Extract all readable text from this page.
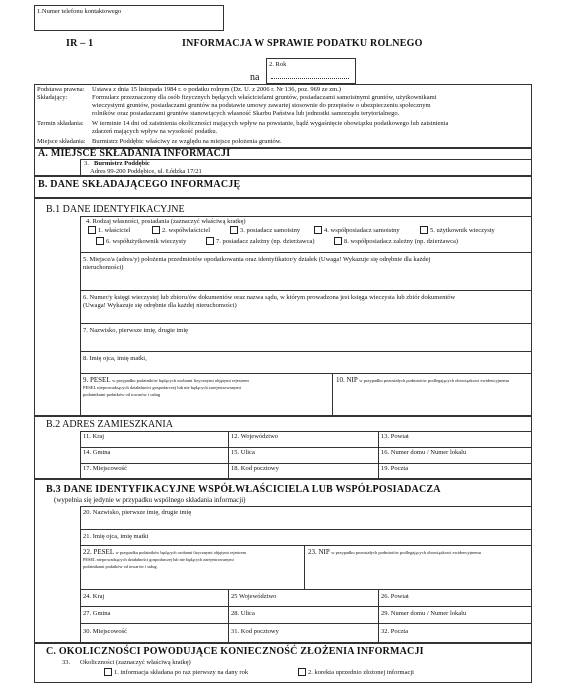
1.Numer telefonu kontaktowego
IR – 1	INFORMACJA W SPRAWIE PODATKU ROLNEGO
2. Rok
na
Podstawa prawna: Ustawa z dnia 15 listopada 1984 r. o podatku rolnym (Dz. U. z 2006 r. Nr 136, poz. 969 ze zm.)
Składający:	Formularz przeznaczony dla osób fizycznych będących właścicielami gruntów, posiadaczami samoistnymi gruntów, użytkownikami
wieczystymi gruntów, posiadaczami gruntów na podstawie umowy zawartej stosownie do przepisów o ubezpieczeniu społecznym
rolników oraz posiadaczami gruntów stanowiących własność Skarbu Państwa lub jednostki samorządu terytorialnego.
Termin składania: W terminie 14 dni od zaistnienia okoliczności mających wpływ na powstanie, bądź wygaśnięcie obowiązku podatkowego lub zaistnienia
zdarzeń mających wpływ na wysokość podatku.
Miejsce składania: Burmistrz Poddębic właściwy ze względu na miejsce położenia gruntów.
A. MIEJSCE SKŁADANIA INFORMACJI
3. Burmistrz Poddębic
Adres 99-200 Poddębice, ul. Łódzka 17/21
B. DANE SKŁADAJĄCEGO INFORMACJĘ
B.1 DANE IDENTYFIKACYJNE
4. Rodzaj własności, posiadania (zaznaczyć właściwą kratkę)
1. właściciel	2. współwłaściciel	3. posiadacz samoistny	4. współposiadacz samoistny	5. użytkownik wieczysty
6. współużytkownik wieczysty	7. posiadacz zależny (np. dzierżawca)	8. współposiadacz zależny (np. dzierżawca)
5. Miejsce/a (adres/y) położenia przedmiotów opodatkowania oraz identyfikator/y działek (Uwaga! Wykazuje się odrębnie dla każdej
nieruchomości)
6. Numer/y księgi wieczystej lub zbioru/ów dokumentów oraz nazwa sądu, w którym prowadzona jest księga wieczysta lub zbiór dokumentów
(Uwaga! Wykazuje się odrębnie dla każdej nieruchomości)
7. Nazwisko, pierwsze imię, drugie imię
8. Imię ojca, imię matki,
9. PESEL w przypadku podatników będących osobami fizycznymi objętymi rejestrem
PESEL nieprowadzących działalności gospodarczej lub nie będących zarejestrowanymi
podatnikami podatków od towarów i usług
10. NIP w przypadku pozostałych podmiotów podlegających obowiązkowi ewidencyjnemu
B.2 ADRES ZAMIESZKANIA
11. Kraj	12. Województwo	13. Powiat
14. Gmina	15. Ulica	16. Numer domu / Numer lokalu
17. Miejscowość	18. Kod pocztowy	19. Poczta
B.3 DANE IDENTYFIKACYJNE WSPÓŁWŁAŚCICIELA LUB WSPÓŁPOSIADACZA
(wypełnia się jedynie w przypadku wspólnego składania informacji)
20. Nazwisko, pierwsze imię, drugie imię
21. Imię ojca, imię matki
22. PESEL w przypadku podatników będących osobami fizycznymi objętymi rejestrem
PESEL nieprowadzących działalności gospodarczej lub nie będących zarejestrowanymi
podatnikami podatków od towarów i usług
23. NIP w przypadku pozostałych podmiotów podlegających obowiązkowi ewidencyjnemu
24. Kraj	25 Województwo	26. Powiat
27. Gmina	28. Ulica	29. Numer domu / Numer lokalu
30. Miejscowość	31. Kod pocztowy	32. Poczta
C. OKOLICZNOŚCI POWODUJĄCE KONIECZNOŚĆ ZŁOŻENIA INFORMACJI
33. Okoliczności (zaznaczyć właściwą kratkę)
1. informacja składana po raz pierwszy na dany rok	2. korekta uprzednio złożonej informacji
